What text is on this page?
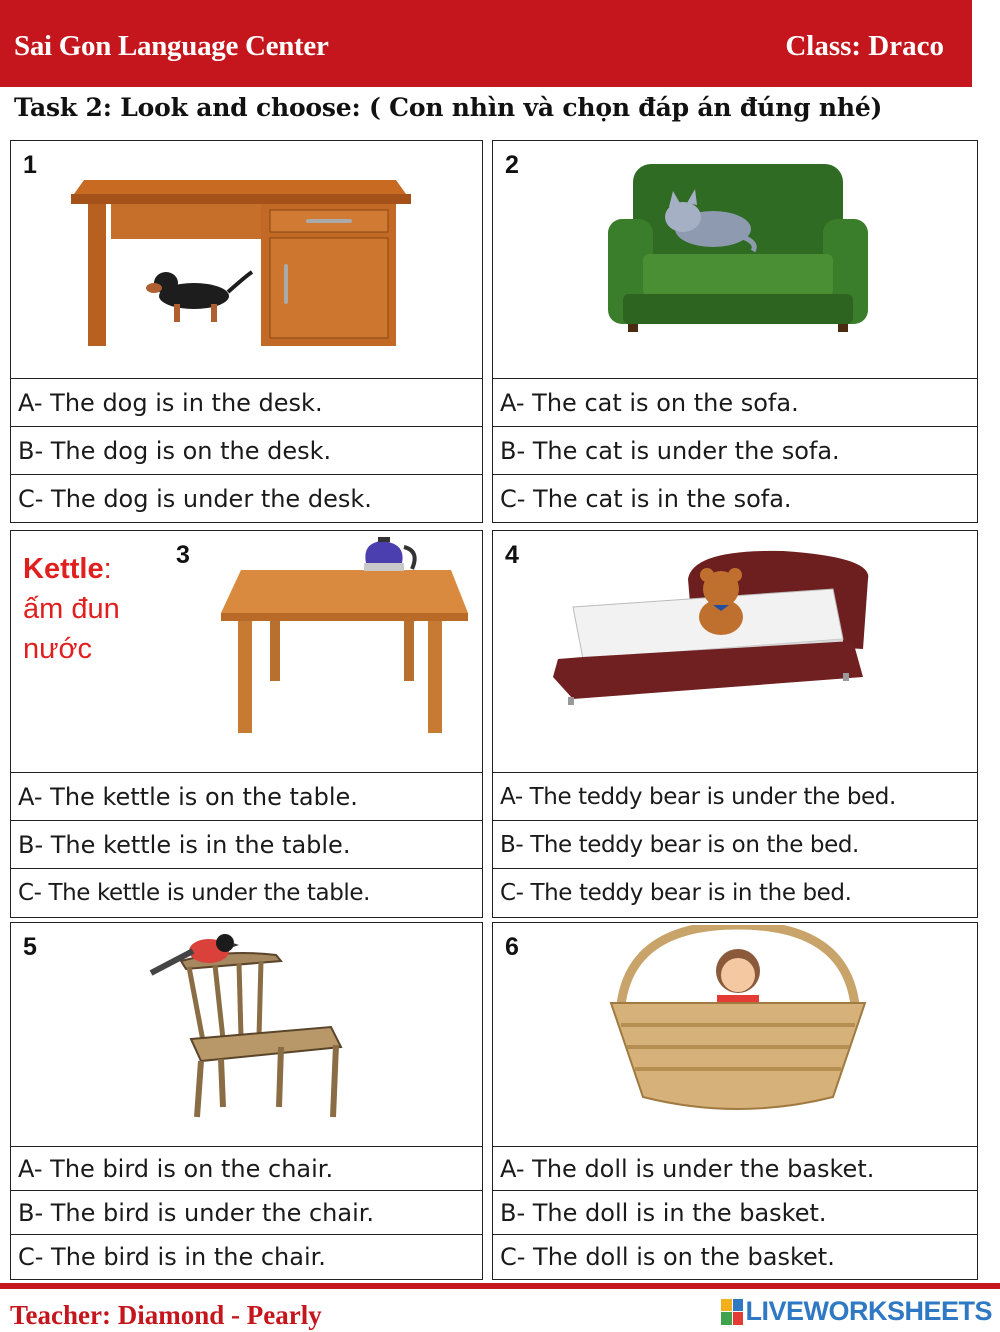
Sai Gon Language Center	Class: Draco
Task 2: Look and choose: ( Con nhìn và chọn đáp án đúng nhé)
1
A- The dog is in the desk.
B- The dog is on the desk.
C- The dog is under the desk.
2
A- The cat is on the sofa.
B- The cat is under the sofa.
C- The cat is in the sofa.
Kettle:
ấm đun
nước
3
A- The kettle is on the table.
B- The kettle is in the table.
C- The kettle is under the table.
4
A- The teddy bear is under the bed.
B- The teddy bear is on the bed.
C- The teddy bear is in the bed.
5
A- The bird is on the chair.
B- The bird is under the chair.
C- The bird is in the chair.
6
A- The doll is under the basket.
B- The doll is in the basket.
C- The doll is on the basket.
Teacher: Diamond - Pearly	LIVEWORKSHEETS
